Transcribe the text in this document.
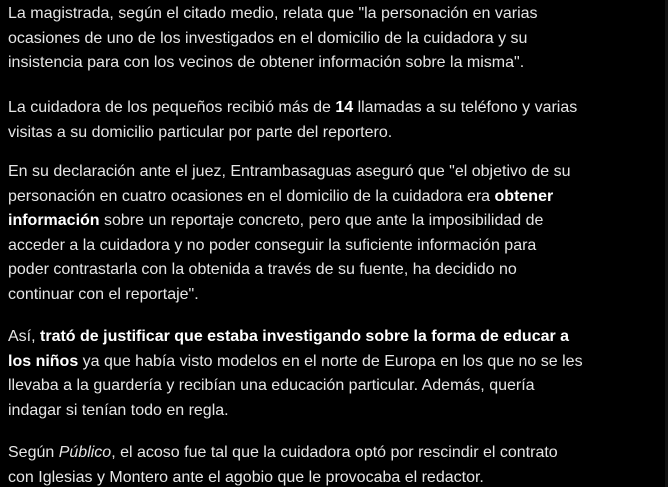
La magistrada, según el citado medio, relata que "la personación en varias
ocasiones de uno de los investigados en el domicilio de la cuidadora y su
insistencia para con los vecinos de obtener información sobre la misma".

La cuidadora de los pequeños recibió más de 14 llamadas a su teléfono y varias
visitas a su domicilio particular por parte del reportero.

En su declaración ante el juez, Entrambasaguas aseguró que "el objetivo de su
personación en cuatro ocasiones en el domicilio de la cuidadora era obtener
información sobre un reportaje concreto, pero que ante la imposibilidad de
acceder a la cuidadora y no poder conseguir la suficiente información para
poder contrastarla con la obtenida a través de su fuente, ha decidido no
continuar con el reportaje".

Así, trató de justificar que estaba investigando sobre la forma de educar a
los niños ya que había visto modelos en el norte de Europa en los que no se les
llevaba a la guardería y recibían una educación particular. Además, quería
indagar si tenían todo en regla.

Según Público, el acoso fue tal que la cuidadora optó por rescindir el contrato
con Iglesias y Montero ante el agobio que le provocaba el redactor.
